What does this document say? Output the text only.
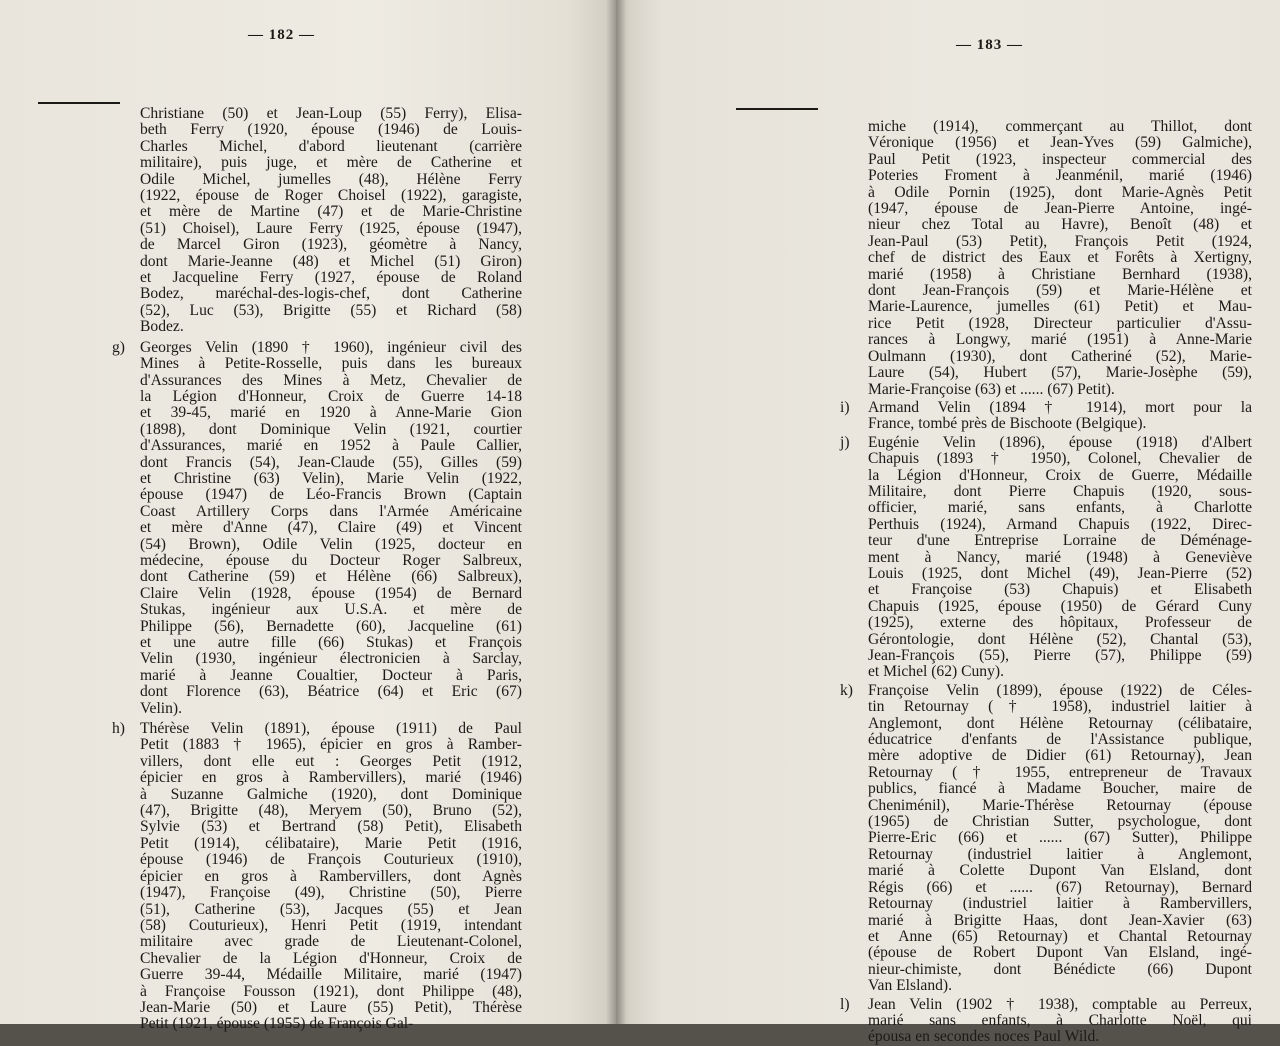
— 182 —
Christiane (50) et Jean-Loup (55) Ferry), Elisa-
beth Ferry (1920, épouse (1946) de Louis-
Charles Michel, d'abord lieutenant (carrière
militaire), puis juge, et mère de Catherine et
Odile Michel, jumelles (48), Hélène Ferry
(1922, épouse de Roger Choisel (1922), garagiste,
et mère de Martine (47) et de Marie-Christine
(51) Choisel), Laure Ferry (1925, épouse (1947),
de Marcel Giron (1923), géomètre à Nancy,
dont Marie-Jeanne (48) et Michel (51) Giron)
et Jacqueline Ferry (1927, épouse de Roland
Bodez, maréchal-des-logis-chef, dont Catherine
(52), Luc (53), Brigitte (55) et Richard (58)
Bodez.
g) Georges Velin (1890 † 1960), ingénieur civil des
Mines à Petite-Rosselle, puis dans les bureaux
d'Assurances des Mines à Metz, Chevalier de
la Légion d'Honneur, Croix de Guerre 14-18
et 39-45, marié en 1920 à Anne-Marie Gion
(1898), dont Dominique Velin (1921, courtier
d'Assurances, marié en 1952 à Paule Callier,
dont Francis (54), Jean-Claude (55), Gilles (59)
et Christine (63) Velin), Marie Velin (1922,
épouse (1947) de Léo-Francis Brown (Captain
Coast Artillery Corps dans l'Armée Américaine
et mère d'Anne (47), Claire (49) et Vincent
(54) Brown), Odile Velin (1925, docteur en
médecine, épouse du Docteur Roger Salbreux,
dont Catherine (59) et Hélène (66) Salbreux),
Claire Velin (1928, épouse (1954) de Bernard
Stukas, ingénieur aux U.S.A. et mère de
Philippe (56), Bernadette (60), Jacqueline (61)
et une autre fille (66) Stukas) et François
Velin (1930, ingénieur électronicien à Sarclay,
marié à Jeanne Coualtier, Docteur à Paris,
dont Florence (63), Béatrice (64) et Eric (67)
Velin).
h) Thérèse Velin (1891), épouse (1911) de Paul
Petit (1883 † 1965), épicier en gros à Ramber-
villers, dont elle eut : Georges Petit (1912,
épicier en gros à Rambervillers), marié (1946)
à Suzanne Galmiche (1920), dont Dominique
(47), Brigitte (48), Meryem (50), Bruno (52),
Sylvie (53) et Bertrand (58) Petit), Elisabeth
Petit (1914), célibataire), Marie Petit (1916,
épouse (1946) de François Couturieux (1910),
épicier en gros à Rambervillers, dont Agnès
(1947), Françoise (49), Christine (50), Pierre
(51), Catherine (53), Jacques (55) et Jean
(58) Couturieux), Henri Petit (1919, intendant
militaire avec grade de Lieutenant-Colonel,
Chevalier de la Légion d'Honneur, Croix de
Guerre 39-44, Médaille Militaire, marié (1947)
à Françoise Fousson (1921), dont Philippe (48),
Jean-Marie (50) et Laure (55) Petit), Thérèse
Petit (1921, épouse (1955) de François Gal-
— 183 —
miche (1914), commerçant au Thillot, dont
Véronique (1956) et Jean-Yves (59) Galmiche),
Paul Petit (1923, inspecteur commercial des
Poteries Froment à Jeanménil, marié (1946)
à Odile Pornin (1925), dont Marie-Agnès Petit
(1947, épouse de Jean-Pierre Antoine, ingé-
nieur chez Total au Havre), Benoît (48) et
Jean-Paul (53) Petit), François Petit (1924,
chef de district des Eaux et Forêts à Xertigny,
marié (1958) à Christiane Bernhard (1938),
dont Jean-François (59) et Marie-Hélène et
Marie-Laurence, jumelles (61) Petit) et Mau-
rice Petit (1928, Directeur particulier d'Assu-
rances à Longwy, marié (1951) à Anne-Marie
Oulmann (1930), dont Catheriné (52), Marie-
Laure (54), Hubert (57), Marie-Josèphe (59),
Marie-Françoise (63) et ...... (67) Petit).
i)	Armand Velin (1894 † 1914), mort pour la
France, tombé près de Bischoote (Belgique).
j)	Eugénie Velin (1896), épouse (1918) d'Albert
Chapuis (1893 † 1950), Colonel, Chevalier de
la Légion d'Honneur, Croix de Guerre, Médaille
Militaire, dont Pierre Chapuis (1920, sous-
officier, marié, sans enfants, à Charlotte
Perthuis (1924), Armand Chapuis (1922, Direc-
teur d'une Entreprise Lorraine de Déménage-
ment à Nancy, marié (1948) à Geneviève
Louis (1925, dont Michel (49), Jean-Pierre (52)
et Françoise (53) Chapuis) et Elisabeth
Chapuis (1925, épouse (1950) de Gérard Cuny
(1925), externe des hôpitaux, Professeur de
Gérontologie, dont Hélène (52), Chantal (53),
Jean-François (55), Pierre (57), Philippe (59)
et Michel (62) Cuny).
k) Françoise Velin (1899), épouse (1922) de Céles-
tin Retournay († 1958), industriel laitier à
Anglemont, dont Hélène Retournay (célibataire,
éducatrice d'enfants de l'Assistance publique,
mère adoptive de Didier (61) Retournay), Jean
Retournay († 1955, entrepreneur de Travaux
publics, fiancé à Madame Boucher, maire de
Cheniménil), Marie-Thérèse Retournay (épouse
(1965) de Christian Sutter, psychologue, dont
Pierre-Eric (66) et ...... (67) Sutter), Philippe
Retournay (industriel laitier à Anglemont,
marié à Colette Dupont Van Elsland, dont
Régis (66) et ...... (67) Retournay), Bernard
Retournay (industriel laitier à Rambervillers,
marié à Brigitte Haas, dont Jean-Xavier (63)
et Anne (65) Retournay) et Chantal Retournay
(épouse de Robert Dupont Van Elsland, ingé-
nieur-chimiste, dont Bénédicte (66) Dupont
Van Elsland).
l)	Jean Velin (1902 † 1938), comptable au Perreux,
marié sans enfants, à Charlotte Noël, qui
épousa en secondes noces Paul Wild.
